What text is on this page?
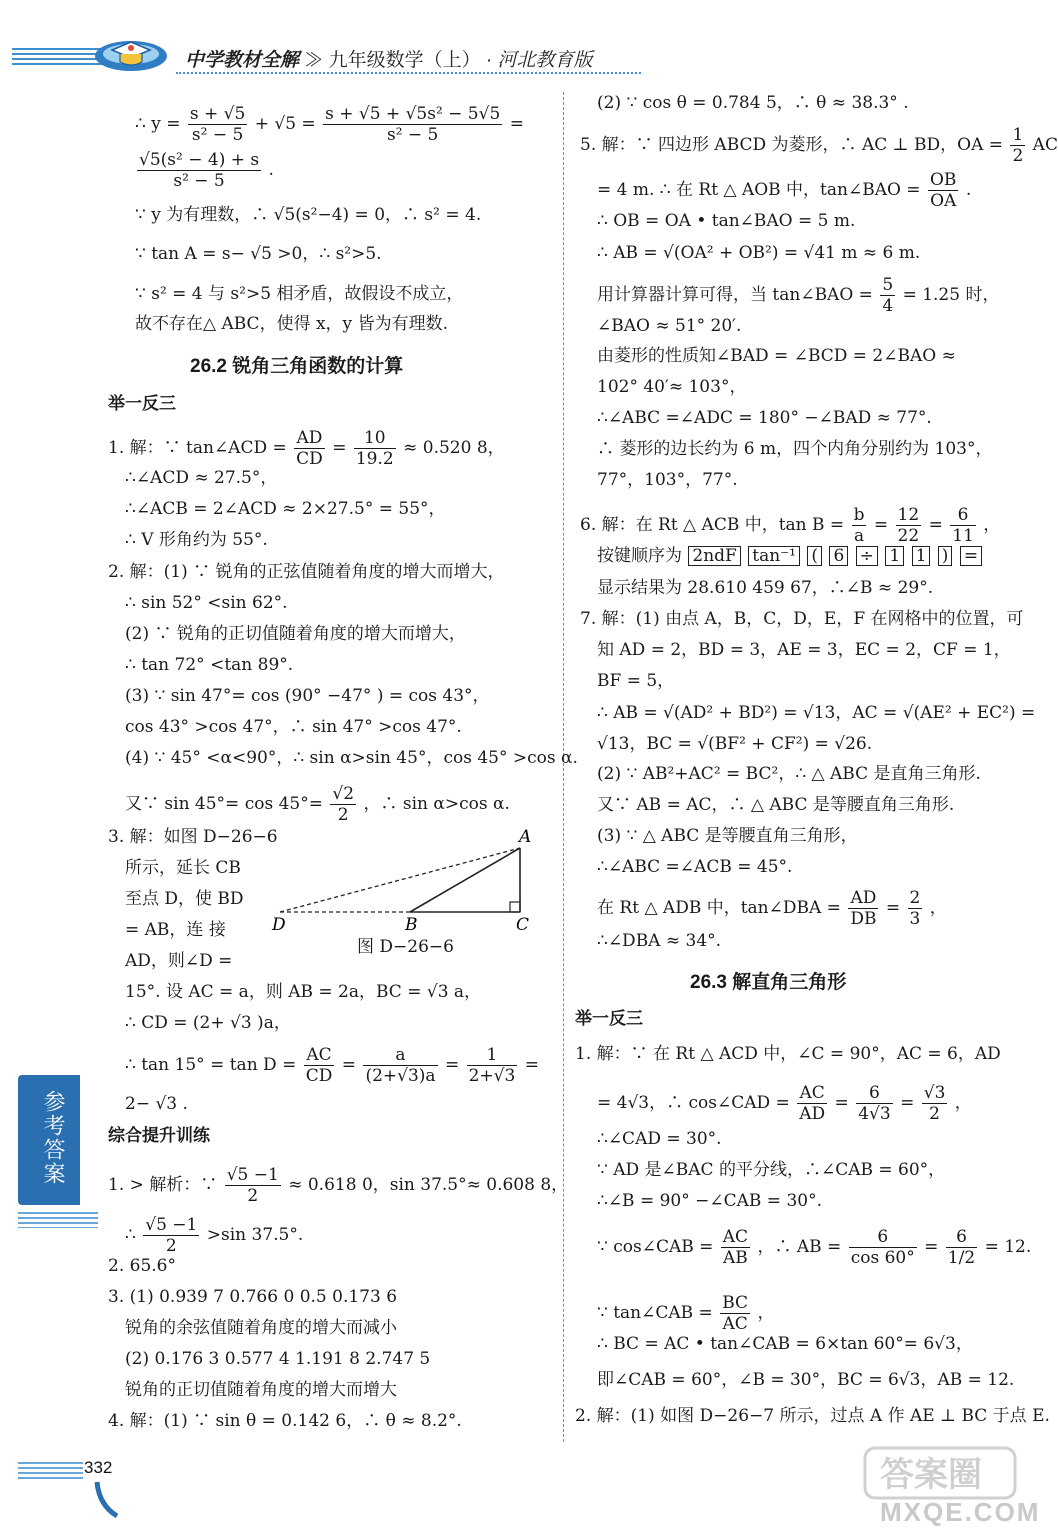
中学教材全解 ≫ 九年级数学（上） · 河北教育版
∴ $y = \frac{s + √5}{\text{s² − 5}} + √5 = \frac{\text{s + √5 + √5s² − 5√5}}{\text{s² − 5}}$ =
$\frac{\text{√5(s² − 4) + s}}{\text{s² − 5}}$ .
∵ y 为有理数，∴ √5(s²−4) = 0，∴ s² = 4.
∵ tan A = s− √5 >0，∴ s²>5.
∵ s² = 4 与 s²>5 相矛盾，故假设不成立，
故不存在△ ABC，使得 x，y 皆为有理数.
26.2 锐角三角函数的计算
举一反三
1. 解：∵ tan∠ACD = $\frac{AD}{CD} = \frac{10}{19.2} \approx 0.520$ 8，
∴∠ACD ≈ 27.5°，
∴∠ACB = 2∠ACD ≈ 2×27.5° = 55°，
∴ V 形角约为 55°.
2. 解：(1) ∵ 锐角的正弦值随着角度的增大而增大，
∴ sin 52° <sin 62°.
(2) ∵ 锐角的正切值随着角度的增大而增大，
∴ tan 72° <tan 89°.
(3) ∵ sin 47°= cos (90° −47° ) = cos 43°，
cos 43° >cos 47°，∴ sin 47° >cos 47°.
(4) ∵ 45° <α<90°，∴ sin α>sin 45°，cos 45° >cos α.
又∵ $\sin 45^\circ= \cos 45^\circ= \frac{√2}{2}$ ，∴ sin α>cos α.
3. 解：如图 D−26−6
所示，延长 CB
至点 D，使 BD
= AB，连 接
AD，则∠D =
A
B	C
D
图 D−26−6
15°. 设 AC = a，则 AB = 2a，BC = √3 a，
∴ CD = (2+ √3 )a，
∴ $\tan 15^\circ = \tan D = \frac{AC}{CD} = \frac{a}{(2+√3)a} = \frac{1}{2+√3}$ =
2− √3 .
综合提升训练
1. > 解析：∵ $\frac{√5 -1}{2} \approx 0.618$ 0，sin 37.5°≈ 0.608 8，
∴ $\frac{√5 -1}{2} >\sin$ 37.5°.
2. 65.6°
3. (1) 0.939 7 0.766 0 0.5 0.173 6
锐角的余弦值随着角度的增大而减小
(2) 0.176 3 0.577 4 1.191 8 2.747 5
锐角的正切值随着角度的增大而增大
4. 解：(1) ∵ sin θ = 0.142 6，∴ θ ≈ 8.2°.
(2) ∵ cos θ = 0.784 5，∴ θ ≈ 38.3° .
5. 解：∵ 四边形 ABCD 为菱形，∴ AC ⊥ BD，OA = $\frac{1}{2}$ AC
= 4 m. ∴ 在 Rt △ AOB 中，tan∠BAO = $\frac{OB}{OA}$ .
∴ OB = OA • tan∠BAO = 5 m.
∴ AB = √(OA² + OB²) = √41 m ≈ 6 m.
用计算器计算可得，当 tan∠BAO = $\frac{5}{4} = 1.25$ 时，
∠BAO ≈ 51° 20′.
由菱形的性质知∠BAD = ∠BCD = 2∠BAO ≈
102° 40′≈ 103°，
∴∠ABC =∠ADC = 180° −∠BAD ≈ 77°.
∴ 菱形的边长约为 6 m，四个内角分别约为 103°，
77°，103°，77°.
6. 解：在 Rt △ ACB 中，$\tan B = \frac{b}{a} = \frac{12}{22} = \frac{6}{11}$ ，
按键顺序为 2ndF tan⁻¹ ( 6 ÷ 1 1 ) =
显示结果为 28.610 459 67，∴∠B ≈ 29°.
7. 解：(1) 由点 A，B，C，D，E，F 在网格中的位置，可
知 AD = 2，BD = 3，AE = 3，EC = 2，CF = 1，
BF = 5，
∴ AB = √(AD² + BD²) = √13，AC = √(AE² + EC²) =
√13，BC = √(BF² + CF²) = √26.
(2) ∵ AB²+AC² = BC²，∴ △ ABC 是直角三角形.
又∵ AB = AC，∴ △ ABC 是等腰直角三角形.
(3) ∵ △ ABC 是等腰直角三角形，
∴∠ABC =∠ACB = 45°.
在 Rt △ ADB 中，tan∠DBA = $\frac{AD}{DB} = \frac{2}{3}$ ，
∴∠DBA ≈ 34°.
26.3 解直角三角形
举一反三
1. 解：∵ 在 Rt △ ACD 中，∠C = 90°，AC = 6，AD
= 4√3，∴ cos∠CAD = $\frac{AC}{AD} = \frac{6}{4√3} = \frac{√3}{2}$ ，
∴∠CAD = 30°.
∵ AD 是∠BAC 的平分线，∴∠CAB = 60°，
∴∠B = 90° −∠CAB = 30°.
∵ cos∠CAB = $\frac{AC}{AB}$ ，∴ AB = $\frac{6}{\cos 60^\circ} = \frac{6}{1/2} = 12$.
∵ tan∠CAB = $\frac{BC}{AC}$ ，
∴ BC = AC • tan∠CAB = 6×tan 60°= 6√3，
即∠CAB = 60°，∠B = 30°，BC = 6√3，AB = 12.
2. 解：(1) 如图 D−26−7 所示，过点 A 作 AE ⊥ BC 于点 E.
参考答案
332	答案圈
MXQE.COM
